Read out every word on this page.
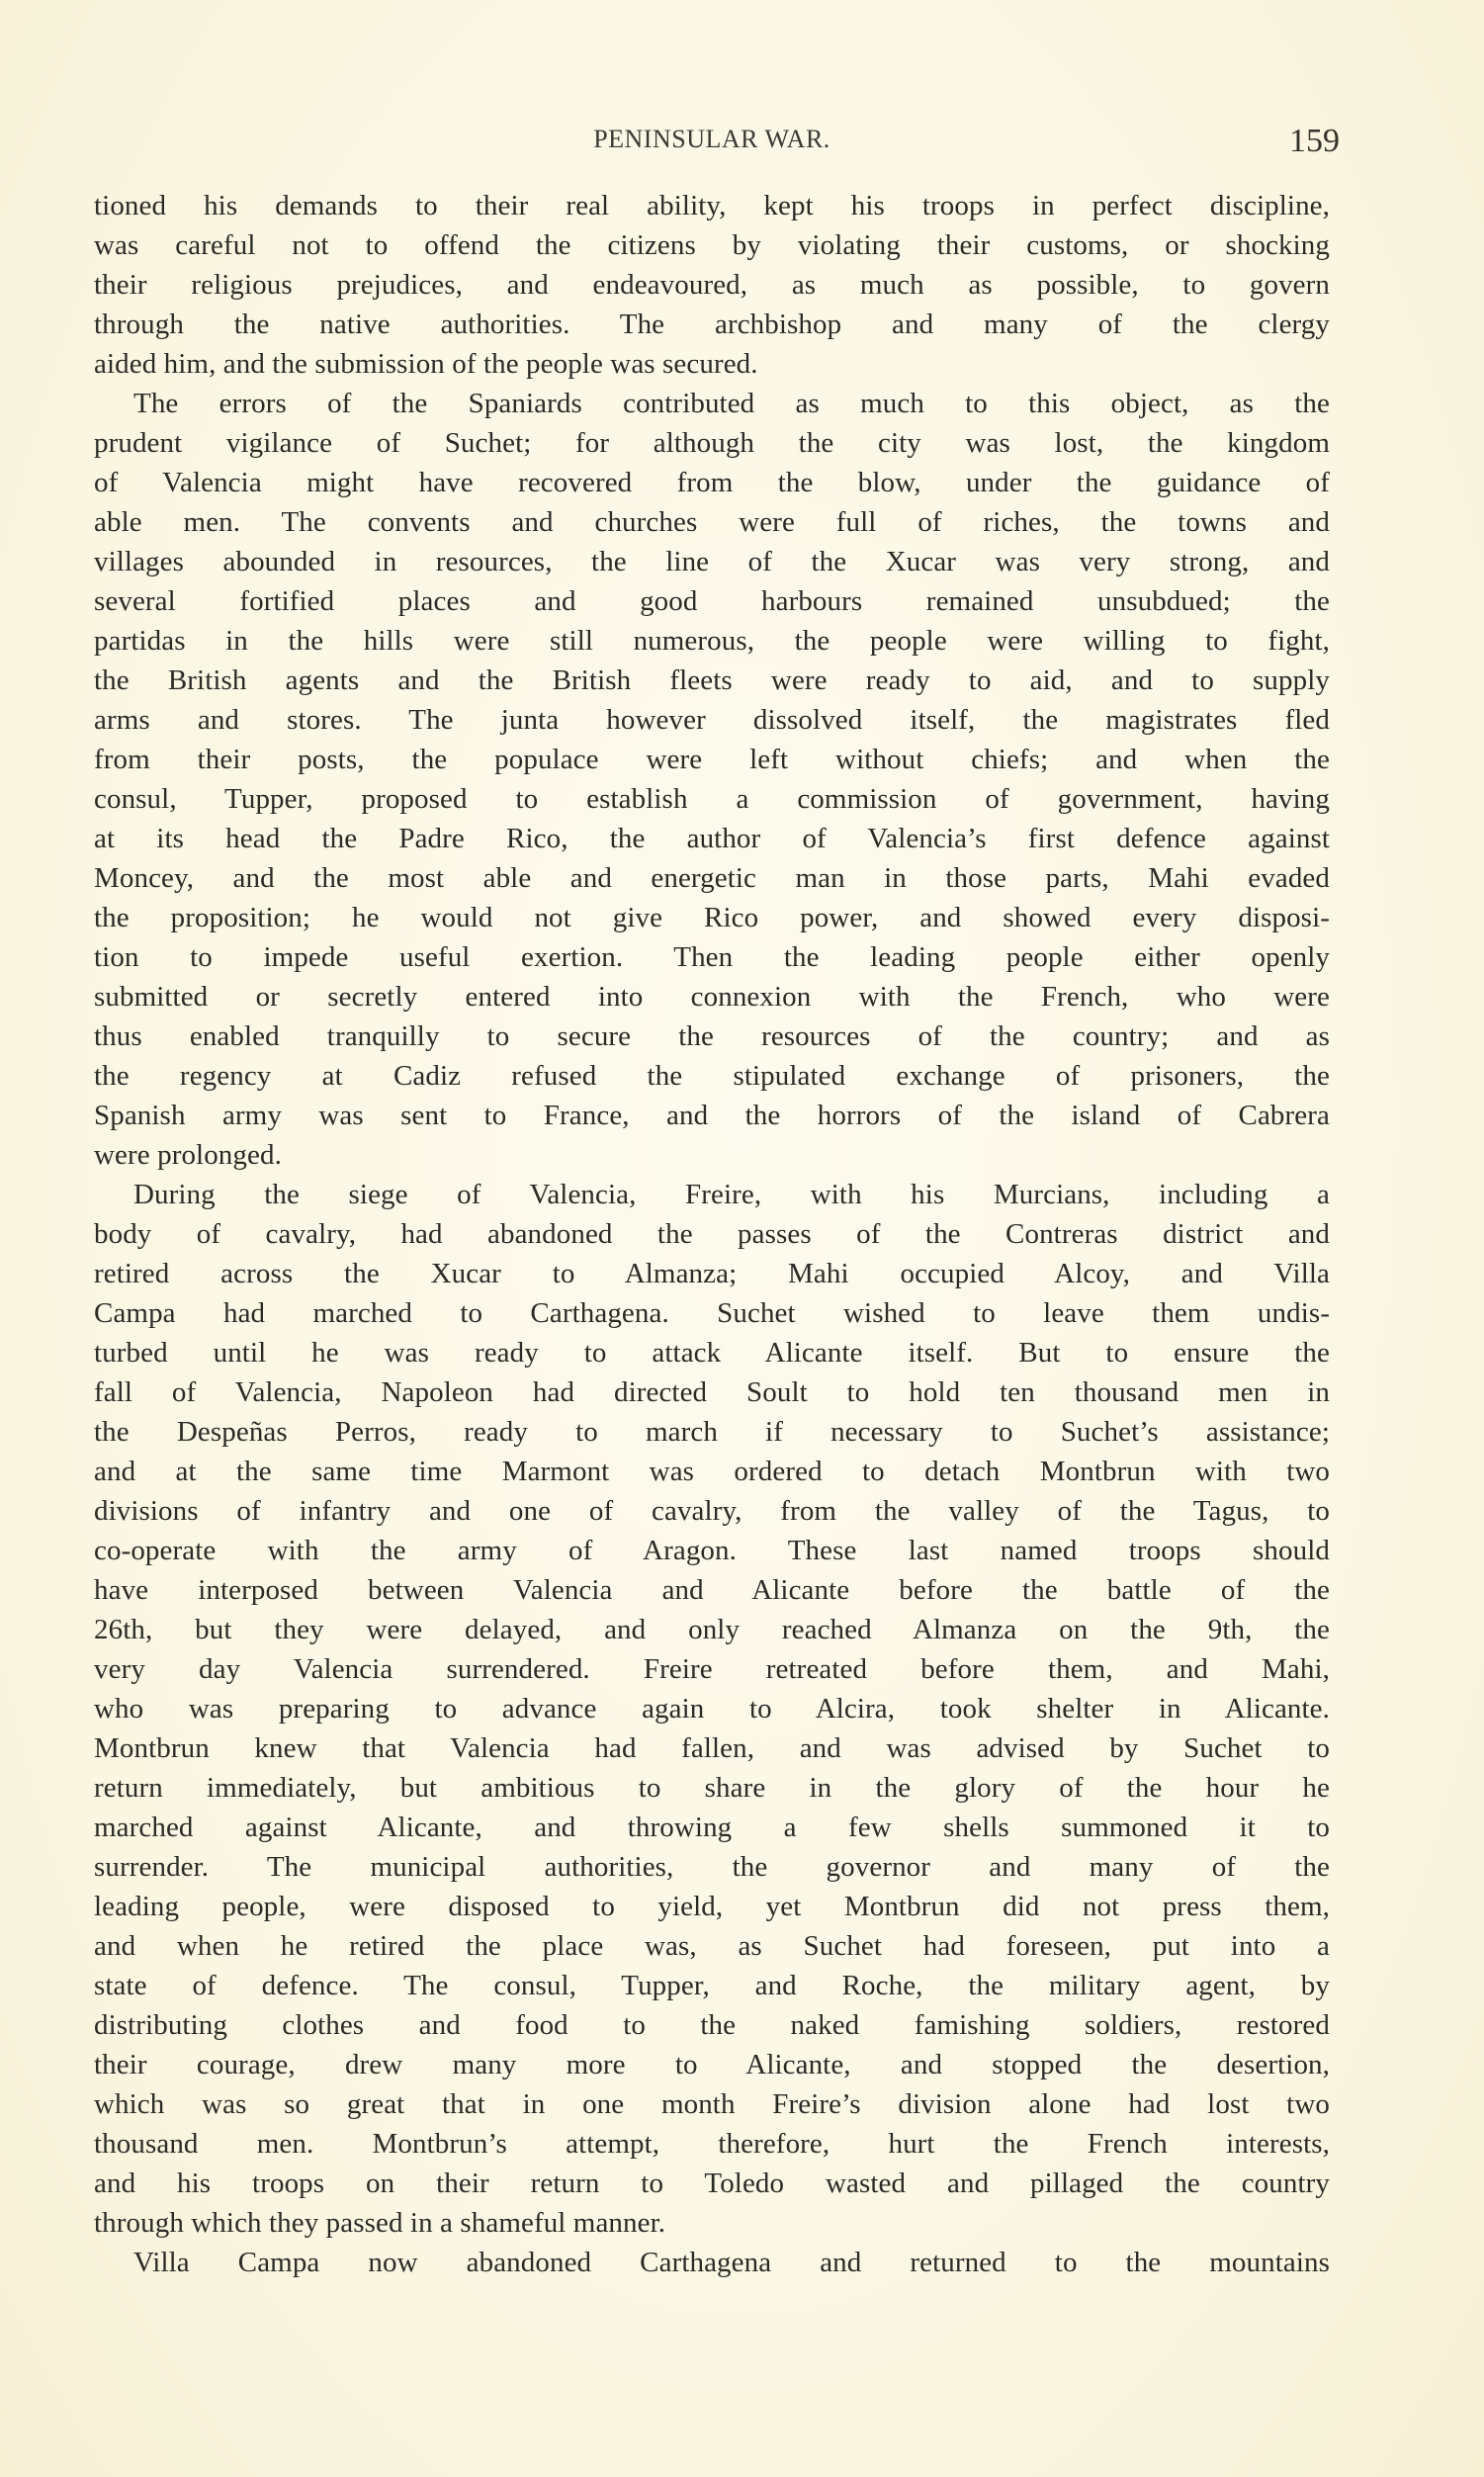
PENINSULAR WAR.	159
tioned his demands to their real ability, kept his troops in perfect discipline,
was careful not to offend the citizens by violating their customs, or shocking
their religious prejudices, and endeavoured, as much as possible, to govern
through the native authorities. The archbishop and many of the clergy
aided him, and the submission of the people was secured.
The errors of the Spaniards contributed as much to this object, as the
prudent vigilance of Suchet; for although the city was lost, the kingdom
of Valencia might have recovered from the blow, under the guidance of
able men. The convents and churches were full of riches, the towns and
villages abounded in resources, the line of the Xucar was very strong, and
several fortified places and good harbours remained unsubdued; the
partidas in the hills were still numerous, the people were willing to fight,
the British agents and the British fleets were ready to aid, and to supply
arms and stores. The junta however dissolved itself, the magistrates fled
from their posts, the populace were left without chiefs; and when the
consul, Tupper, proposed to establish a commission of government, having
at its head the Padre Rico, the author of Valencia’s first defence against
Moncey, and the most able and energetic man in those parts, Mahi evaded
the proposition; he would not give Rico power, and showed every disposi-
tion to impede useful exertion. Then the leading people either openly
submitted or secretly entered into connexion with the French, who were
thus enabled tranquilly to secure the resources of the country; and as
the regency at Cadiz refused the stipulated exchange of prisoners, the
Spanish army was sent to France, and the horrors of the island of Cabrera
were prolonged.
During the siege of Valencia, Freire, with his Murcians, including a
body of cavalry, had abandoned the passes of the Contreras district and
retired across the Xucar to Almanza; Mahi occupied Alcoy, and Villa
Campa had marched to Carthagena. Suchet wished to leave them undis-
turbed until he was ready to attack Alicante itself. But to ensure the
fall of Valencia, Napoleon had directed Soult to hold ten thousand men in
the Despeñas Perros, ready to march if necessary to Suchet’s assistance;
and at the same time Marmont was ordered to detach Montbrun with two
divisions of infantry and one of cavalry, from the valley of the Tagus, to
co-operate with the army of Aragon. These last named troops should
have interposed between Valencia and Alicante before the battle of the
26th, but they were delayed, and only reached Almanza on the 9th, the
very day Valencia surrendered. Freire retreated before them, and Mahi,
who was preparing to advance again to Alcira, took shelter in Alicante.
Montbrun knew that Valencia had fallen, and was advised by Suchet to
return immediately, but ambitious to share in the glory of the hour he
marched against Alicante, and throwing a few shells summoned it to
surrender. The municipal authorities, the governor and many of the
leading people, were disposed to yield, yet Montbrun did not press them,
and when he retired the place was, as Suchet had foreseen, put into a
state of defence. The consul, Tupper, and Roche, the military agent, by
distributing clothes and food to the naked famishing soldiers, restored
their courage, drew many more to Alicante, and stopped the desertion,
which was so great that in one month Freire’s division alone had lost two
thousand men. Montbrun’s attempt, therefore, hurt the French interests,
and his troops on their return to Toledo wasted and pillaged the country
through which they passed in a shameful manner.
Villa Campa now abandoned Carthagena and returned to the mountains
